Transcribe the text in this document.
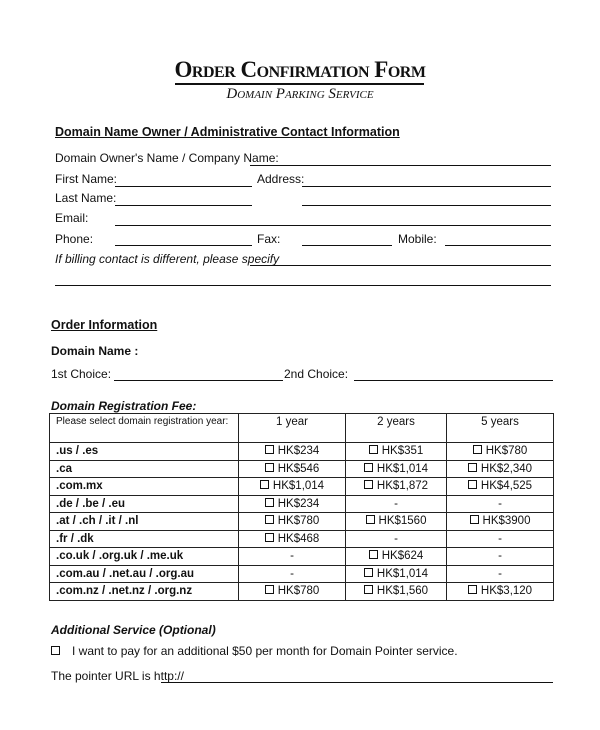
Order Confirmation Form
Domain Parking Service
Domain Name Owner / Administrative Contact Information
Domain Owner's Name / Company Name:
First Name:	Address:
Last Name:
Email:
Phone:	Fax:	Mobile:
If billing contact is different, please specify
Order Information
Domain Name :
1st Choice:	2nd Choice:
Domain Registration Fee:
Please select domain registration year:	1 year	2 years	5 years
.us / .es	HK$234	HK$351	HK$780
.ca	HK$546	HK$1,014	HK$2,340
.com.mx	HK$1,014	HK$1,872	HK$4,525
.de / .be / .eu	HK$234	-	-
.at / .ch / .it / .nl	HK$780	HK$1560	HK$3900
.fr / .dk	HK$468	-	-
.co.uk / .org.uk / .me.uk	-	HK$624	-
.com.au / .net.au / .org.au	-	HK$1,014	-
.com.nz / .net.nz / .org.nz	HK$780	HK$1,560	HK$3,120
Additional Service (Optional)
I want to pay for an additional $50 per month for Domain Pointer service.
The pointer URL is http://
